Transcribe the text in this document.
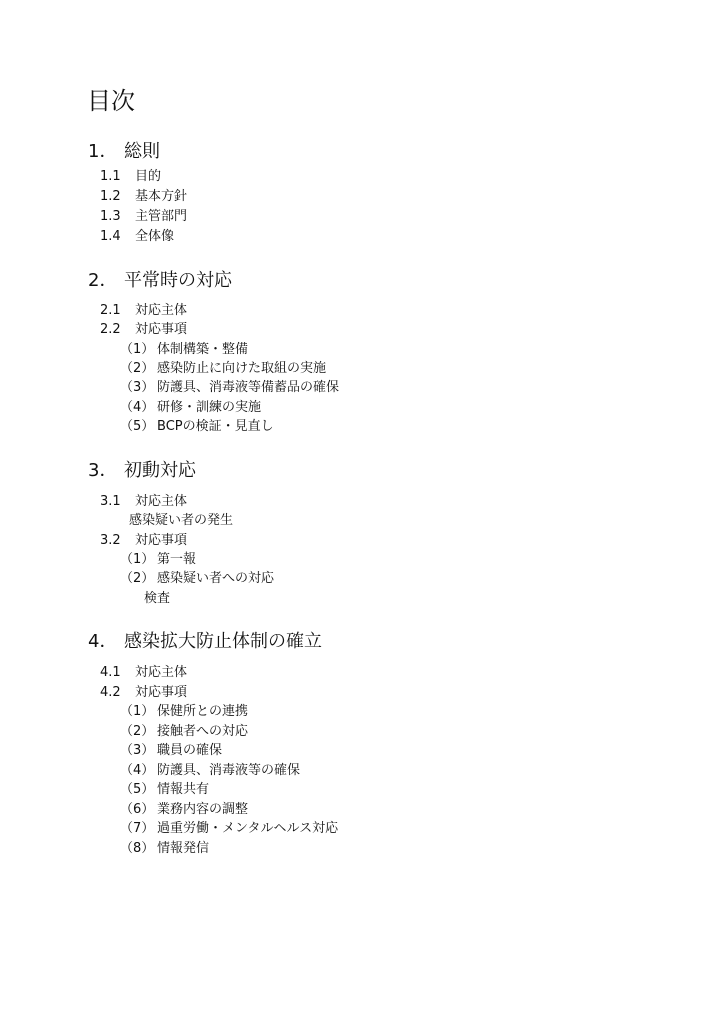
目次
1． 総則
1.1 目的
1.2 基本方針
1.3 主管部門
1.4 全体像
2． 平常時の対応
2.1 対応主体
2.2 対応事項
（1） 体制構築・整備
（2） 感染防止に向けた取組の実施
（3） 防護具、消毒液等備蓄品の確保
（4） 研修・訓練の実施
（5） BCPの検証・見直し
3． 初動対応
3.1 対応主体
感染疑い者の発生
3.2 対応事項
（1） 第一報
（2） 感染疑い者への対応
検査
4． 感染拡大防止体制の確立
4.1 対応主体
4.2 対応事項
（1） 保健所との連携
（2） 接触者への対応
（3） 職員の確保
（4） 防護具、消毒液等の確保
（5） 情報共有
（6） 業務内容の調整
（7） 過重労働・メンタルヘルス対応
（8） 情報発信
